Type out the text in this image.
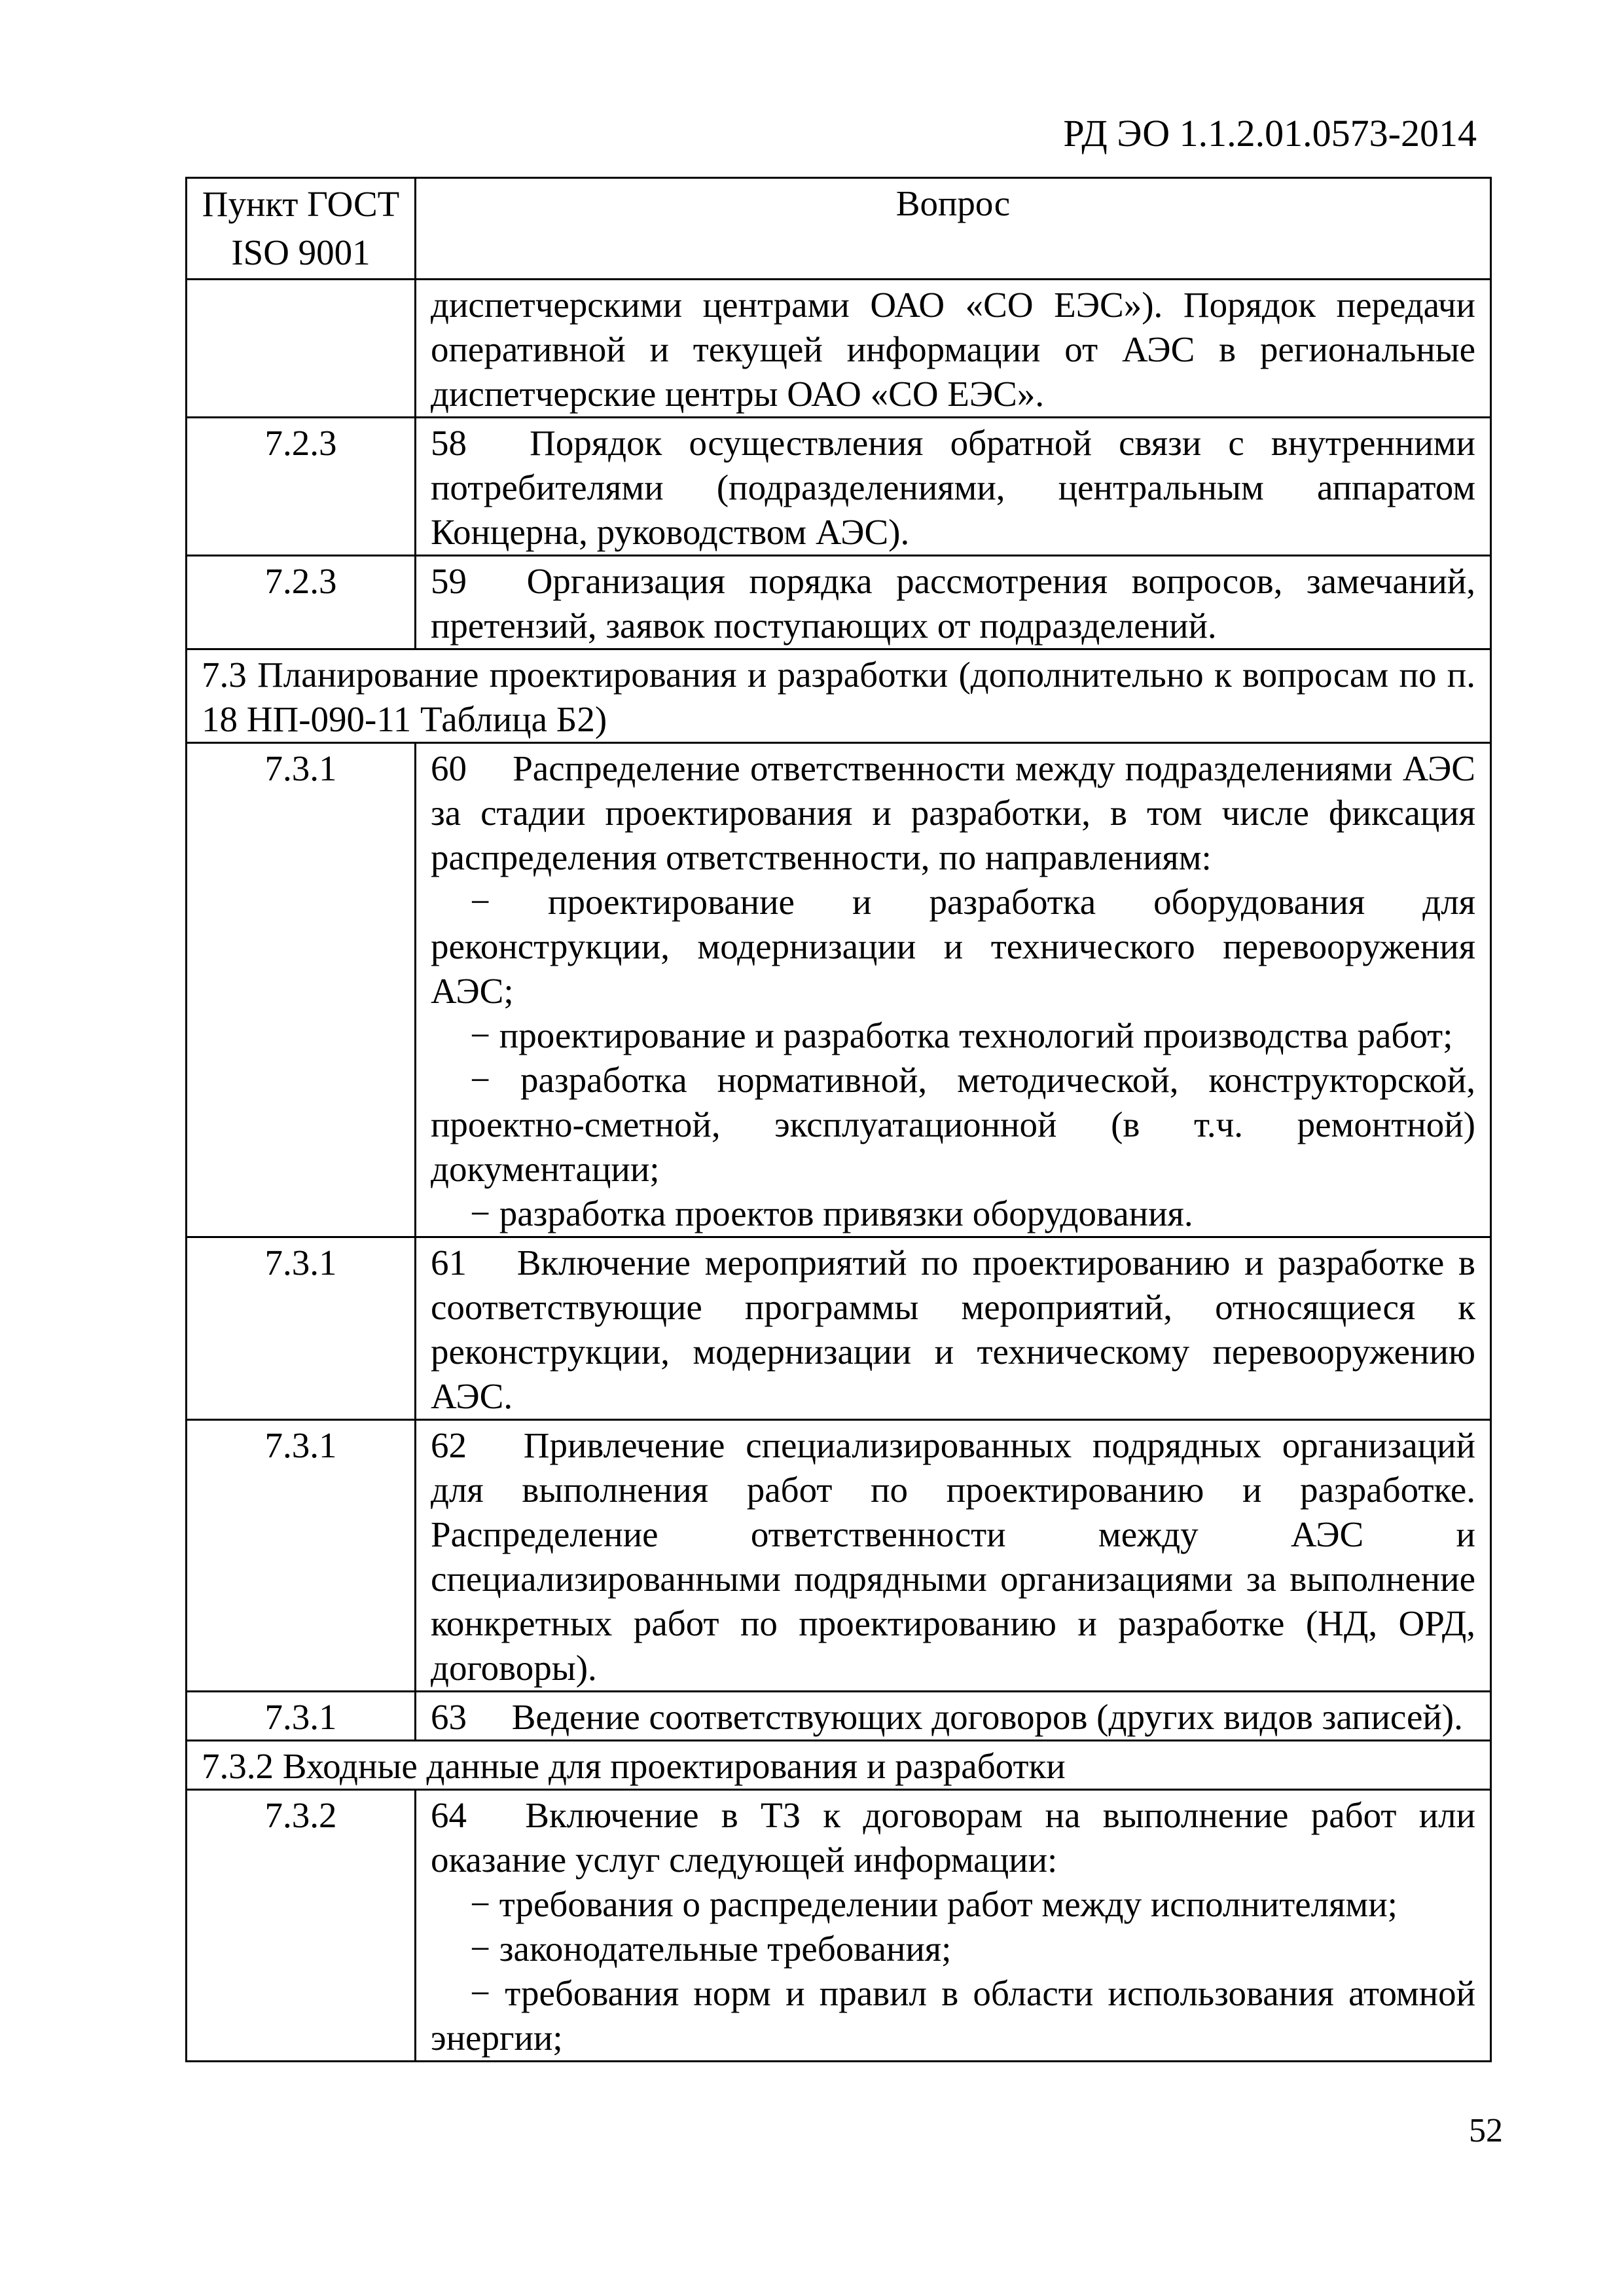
РД ЭО 1.1.2.01.0573-2014
Пункт ГОСТ ISO 9001	Вопрос
	диспетчерскими центрами ОАО «СО ЕЭС»). Порядок передачи оперативной и текущей информации от АЭС в региональные диспетчерские центры ОАО «СО ЕЭС».
7.2.3	58 Порядок осуществления обратной связи с внутренними потребителями (подразделениями, центральным аппаратом Концерна, руководством АЭС).
7.2.3	59 Организация порядка рассмотрения вопросов, замечаний, претензий, заявок поступающих от подразделений.
7.3 Планирование проектирования и разработки (дополнительно к вопросам по п. 18 НП-090-11 Таблица Б2)	
7.3.1	60 Распределение ответственности между подразделениями АЭС за стадии проектирования и разработки, в том числе фиксация распределения ответственности, по направлениям:
− проектирование и разработка оборудования для реконструкции, модернизации и технического перевооружения АЭС;
− проектирование и разработка технологий производства работ;
− разработка нормативной, методической, конструкторской, проектно-сметной, эксплуатационной (в т.ч. ремонтной) документации;
− разработка проектов привязки оборудования.

7.3.1	61 Включение мероприятий по проектированию и разработке в соответствующие программы мероприятий, относящиеся к реконструкции, модернизации и техническому перевооружению АЭС.
7.3.1	62 Привлечение специализированных подрядных организаций для выполнения работ по проектированию и разработке. Распределение ответственности между АЭС и специализированными подрядными организациями за выполнение конкретных работ по проектированию и разработке (НД, ОРД, договоры).
7.3.1	63 Ведение соответствующих договоров (других видов записей).
7.3.2 Входные данные для проектирования и разработки	
7.3.2	64 Включение в ТЗ к договорам на выполнение работ или оказание услуг следующей информации:
− требования о распределении работ между исполнителями;
− законодательные требования;
− требования норм и правил в области использования атомной энергии;
52
